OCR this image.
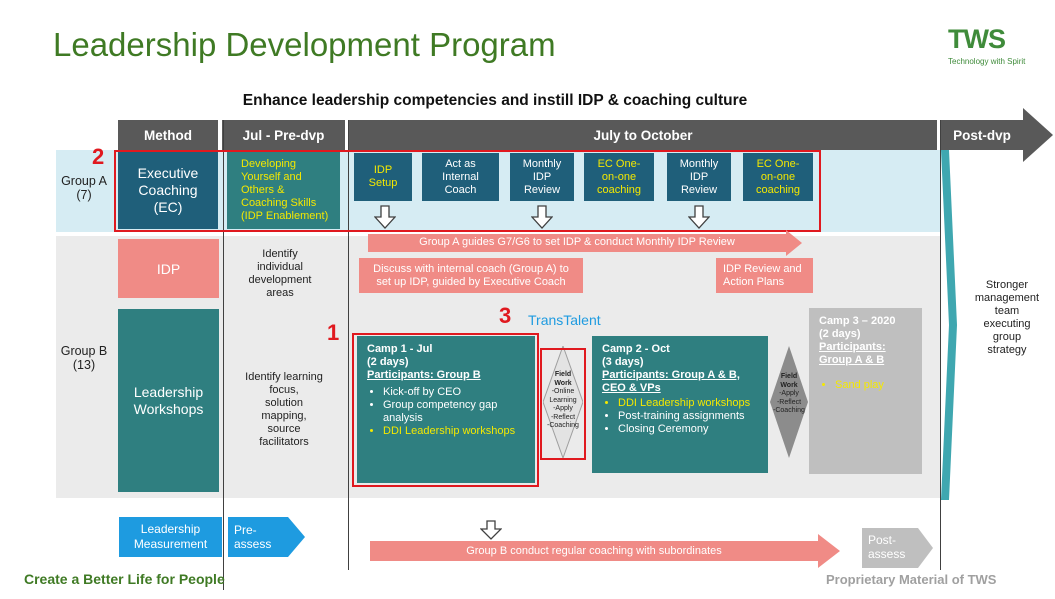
Leadership Development Program	TWS
Technology with Spirit
Enhance leadership competencies and instill IDP & coaching culture
Method	Jul - Pre-dvp	July to October	Post-dvp
Group A
(7)
Group B
(13)
2
1
3
Executive
Coaching
(EC)
Developing
Yourself and
Others &
Coaching Skills
(IDP Enablement)
IDP
Setup
Act as
Internal
Coach
Monthly
IDP
Review
EC One-
on-one
coaching
Monthly
IDP
Review
EC One-
on-one
coaching
Group A guides G7/G6 to set IDP & conduct Monthly IDP Review
IDP
Identify
individual
development
areas
Discuss with internal coach (Group A) to
set up IDP, guided by Executive Coach
IDP Review and
Action Plans
Leadership
Workshops
Identify learning
focus,
solution
mapping,
source
facilitators
TransTalent
Camp 1 - Jul
(2 days)
Participants: Group B
• Kick-off by CEO
• Group competency gap analysis
• DDI Leadership workshops
Field
Work
-Online
Learning
-Apply
-Reflect
-Coaching
Camp 2 - Oct
(3 days)
Participants: Group A & B, CEO & VPs
• DDI Leadership workshops
• Post-training assignments
• Closing Ceremony
Field
Work
-Apply
-Reflect
-Coaching
Camp 3 – 2020
(2 days)
Participants: Group A & B
• Sand play
Stronger
management
team
executing
group
strategy
Leadership
Measurement
Pre-
assess	Group B conduct regular coaching with subordinates
Post-
assess
Create a Better Life for People	Proprietary Material of TWS
